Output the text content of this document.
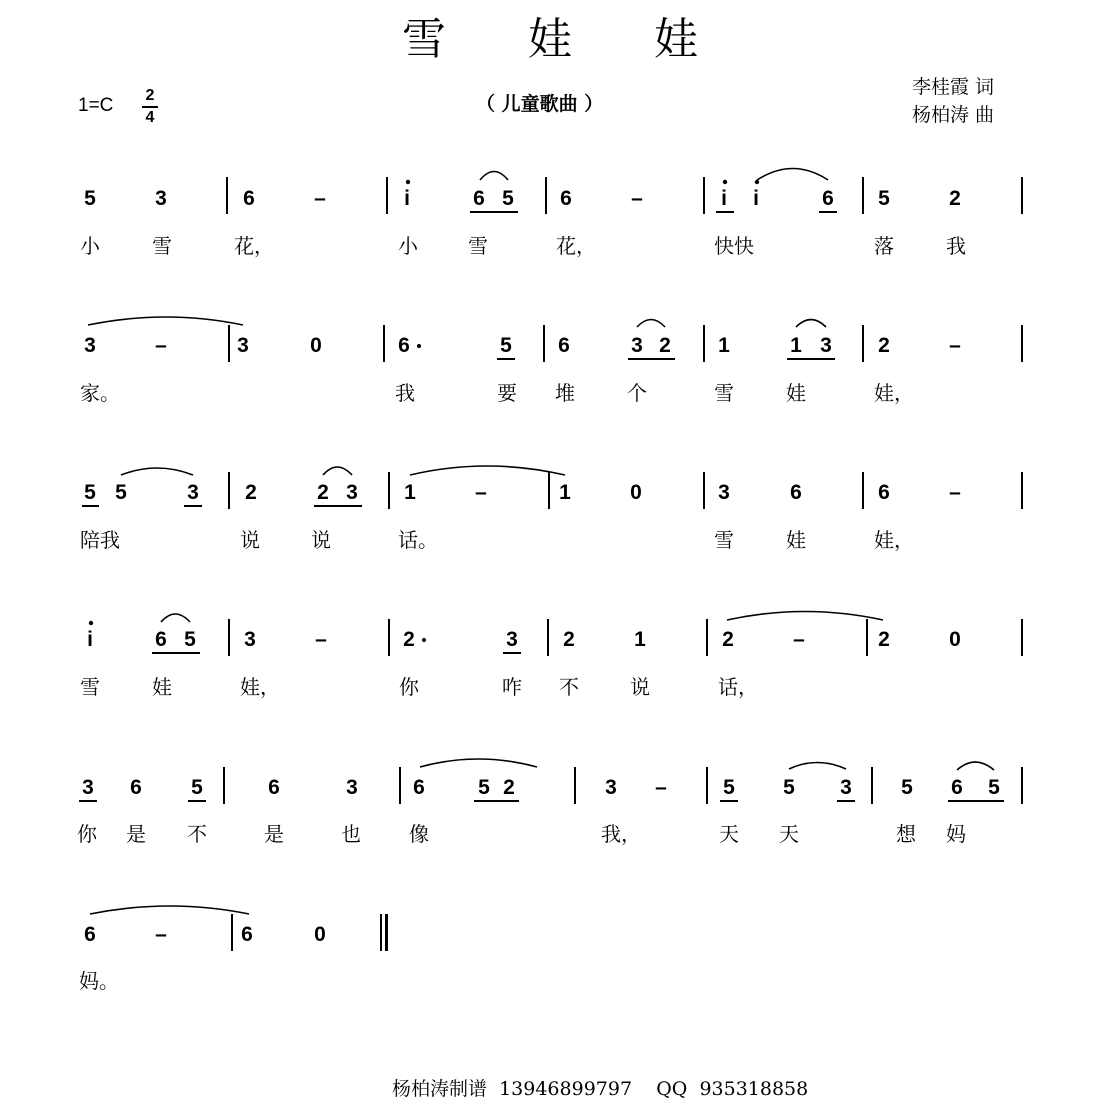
雪 娃 娃
1=C 2
4
（ 儿童歌曲 ）
李桂霞 词
杨柏涛 曲
5	3	6	–	i	6 5 6	–	i i	6 5	2
小	雪	花，	小	雪	花，	快快	落	我
3	–	3	0	6	5 6	3 2 1	1 3 2	–
家。	我	要 堆	个	雪	娃	娃，
5 5	3 2	2 3 1	–	1	0	3	6	6	–
陪我	说	说	话。	雪	娃	娃，
i	6 5 3	–	2	3 2	1	2	–	2	0
雪	娃	娃，	你	咋 不	说	话，
3 6 5	6	3	6	5 2	3 –	5 5 3 5 6 5
你 是 不	是	也 像	我，	天 天	想 妈
6	–	6	0
妈。
杨柏涛制谱  13946899797    QQ  935318858
